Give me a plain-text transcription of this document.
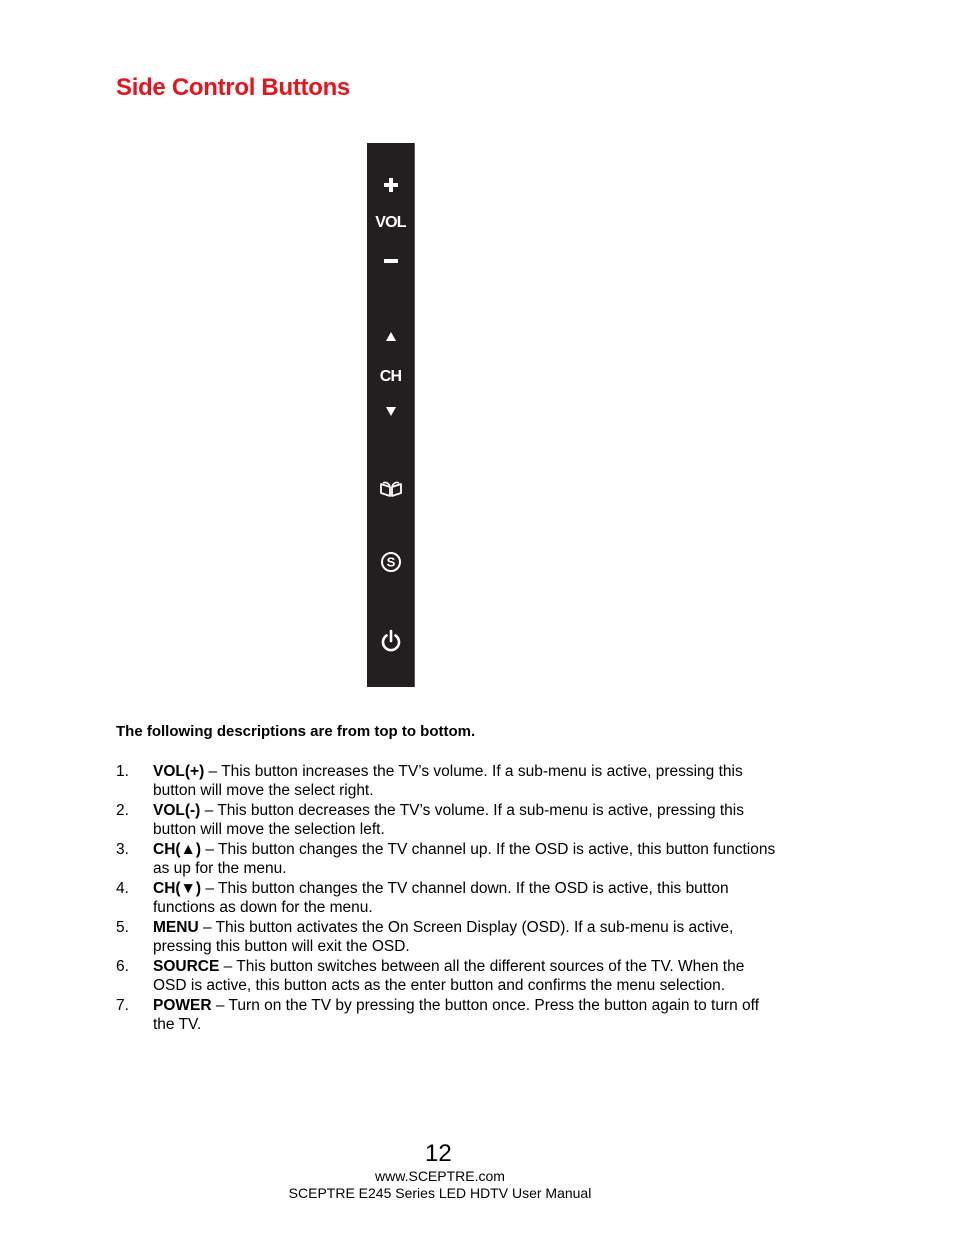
Side Control Buttons
VOL
CH
S

The following descriptions are from top to bottom.

1. VOL(+) – This button increases the TV’s volume. If a sub-menu is active, pressing this button will move the select right.
2. VOL(-) – This button decreases the TV’s volume. If a sub-menu is active, pressing this button will move the selection left.
3. CH(▲) – This button changes the TV channel up. If the OSD is active, this button functions as up for the menu.
4. CH(▼) – This button changes the TV channel down. If the OSD is active, this button functions as down for the menu.
5. MENU – This button activates the On Screen Display (OSD). If a sub-menu is active, pressing this button will exit the OSD.
6. SOURCE – This button switches between all the different sources of the TV. When the OSD is active, this button acts as the enter button and confirms the menu selection.
7. POWER – Turn on the TV by pressing the button once. Press the button again to turn off the TV.
12
www.SCEPTRE.com
SCEPTRE E245 Series LED HDTV User Manual
